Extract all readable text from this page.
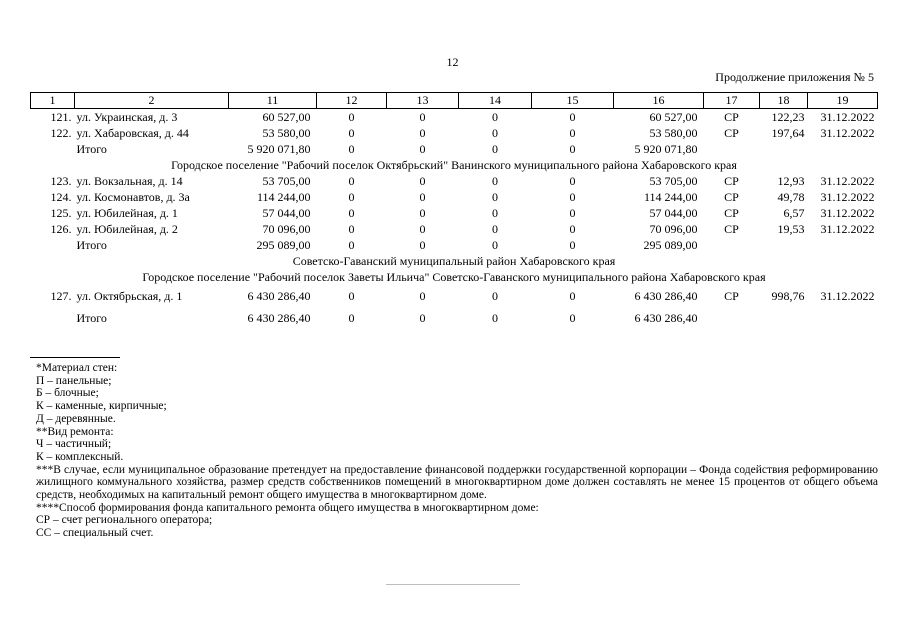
12
Продолжение приложения № 5
1	2	11	12	13	14	15	16	17	18	19
121.	ул. Украинская, д. 3	60 527,00	0	0	0	0	60 527,00	СР	122,23	31.12.2022
122.	ул. Хабаровская, д. 44	53 580,00	0	0	0	0	53 580,00	СР	197,64	31.12.2022
	Итого	5 920 071,80	0	0	0	0	5 920 071,80			
Городское поселение "Рабочий поселок Октябрьский" Ванинского муниципального района Хабаровского края										
123.	ул. Вокзальная, д. 14	53 705,00	0	0	0	0	53 705,00	СР	12,93	31.12.2022
124.	ул. Космонавтов, д. 3а	114 244,00	0	0	0	0	114 244,00	СР	49,78	31.12.2022
125.	ул. Юбилейная, д. 1	57 044,00	0	0	0	0	57 044,00	СР	6,57	31.12.2022
126.	ул. Юбилейная, д. 2	70 096,00	0	0	0	0	70 096,00	СР	19,53	31.12.2022
	Итого	295 089,00	0	0	0	0	295 089,00			
Советско-Гаванский муниципальный район Хабаровского края										
Городское поселение "Рабочий поселок Заветы Ильича" Советско-Гаванского муниципального района Хабаровского края										
127.	ул. Октябрьская, д. 1	6 430 286,40	0	0	0	0	6 430 286,40	СР	998,76	31.12.2022
	Итого	6 430 286,40	0	0	0	0	6 430 286,40			
*Материал стен:
П – панельные;
Б – блочные;
К – каменные, кирпичные;
Д – деревянные.
**Вид ремонта:
Ч – частичный;
К – комплексный.
***В случае, если муниципальное образование претендует на предоставление финансовой поддержки государственной корпорации – Фонда содействия реформированию жилищного коммунального хозяйства, размер средств собственников помещений в многоквартирном доме должен составлять не менее 15 процентов от общего объема средств, необходимых на капитальный ремонт общего имущества в многоквартирном доме.
****Способ формирования фонда капитального ремонта общего имущества в многоквартирном доме:
СР – счет регионального оператора;
СС – специальный счет.
